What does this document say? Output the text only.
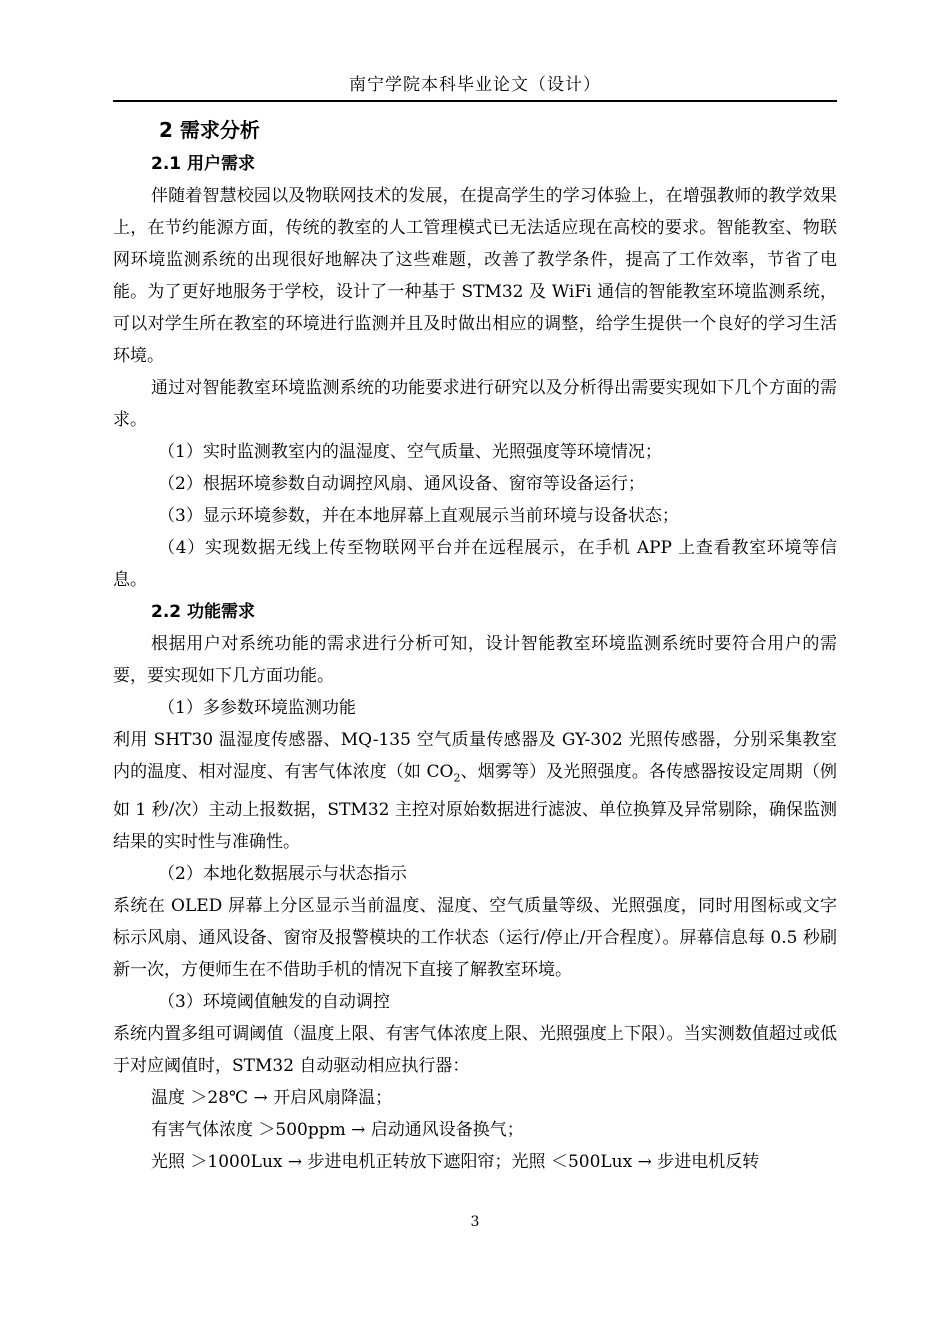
南宁学院本科毕业论文（设计）

2 需求分析

2.1 用户需求

伴随着智慧校园以及物联网技术的发展，在提高学生的学习体验上，在增强教师的教学效果上，在节约能源方面，传统的教室的人工管理模式已无法适应现在高校的要求。智能教室、物联网环境监测系统的出现很好地解决了这些难题，改善了教学条件，提高了工作效率，节省了电能。为了更好地服务于学校，设计了一种基于 STM32 及 WiFi 通信的智能教室环境监测系统，可以对学生所在教室的环境进行监测并且及时做出相应的调整，给学生提供一个良好的学习生活环境。

通过对智能教室环境监测系统的功能要求进行研究以及分析得出需要实现如下几个方面的需求。

（1）实时监测教室内的温湿度、空气质量、光照强度等环境情况；

（2）根据环境参数自动调控风扇、通风设备、窗帘等设备运行；

（3）显示环境参数，并在本地屏幕上直观展示当前环境与设备状态；

（4）实现数据无线上传至物联网平台并在远程展示，在手机 APP 上查看教室环境等信息。

2.2 功能需求

根据用户对系统功能的需求进行分析可知，设计智能教室环境监测系统时要符合用户的需要，要实现如下几方面功能。

（1）多参数环境监测功能

利用 SHT30 温湿度传感器、MQ-135 空气质量传感器及 GY-302 光照传感器，分别采集教室内的温度、相对湿度、有害气体浓度（如 $CO_2$、烟雾等）及光照强度。各传感器按设定周期（例如 1 秒/次）主动上报数据，STM32 主控对原始数据进行滤波、单位换算及异常剔除，确保监测结果的实时性与准确性。

（2）本地化数据展示与状态指示

系统在 OLED 屏幕上分区显示当前温度、湿度、空气质量等级、光照强度，同时用图标或文字标示风扇、通风设备、窗帘及报警模块的工作状态（运行/停止/开合程度）。屏幕信息每 0.5 秒刷新一次，方便师生在不借助手机的情况下直接了解教室环境。

（3）环境阈值触发的自动调控

系统内置多组可调阈值（温度上限、有害气体浓度上限、光照强度上下限）。当实测数值超过或低于对应阈值时，STM32 自动驱动相应执行器：

温度 ＞28℃ → 开启风扇降温；

有害气体浓度 ＞500ppm → 启动通风设备换气；

光照 ＞1000Lux → 步进电机正转放下遮阳帘；光照 ＜500Lux → 步进电机反转

3
